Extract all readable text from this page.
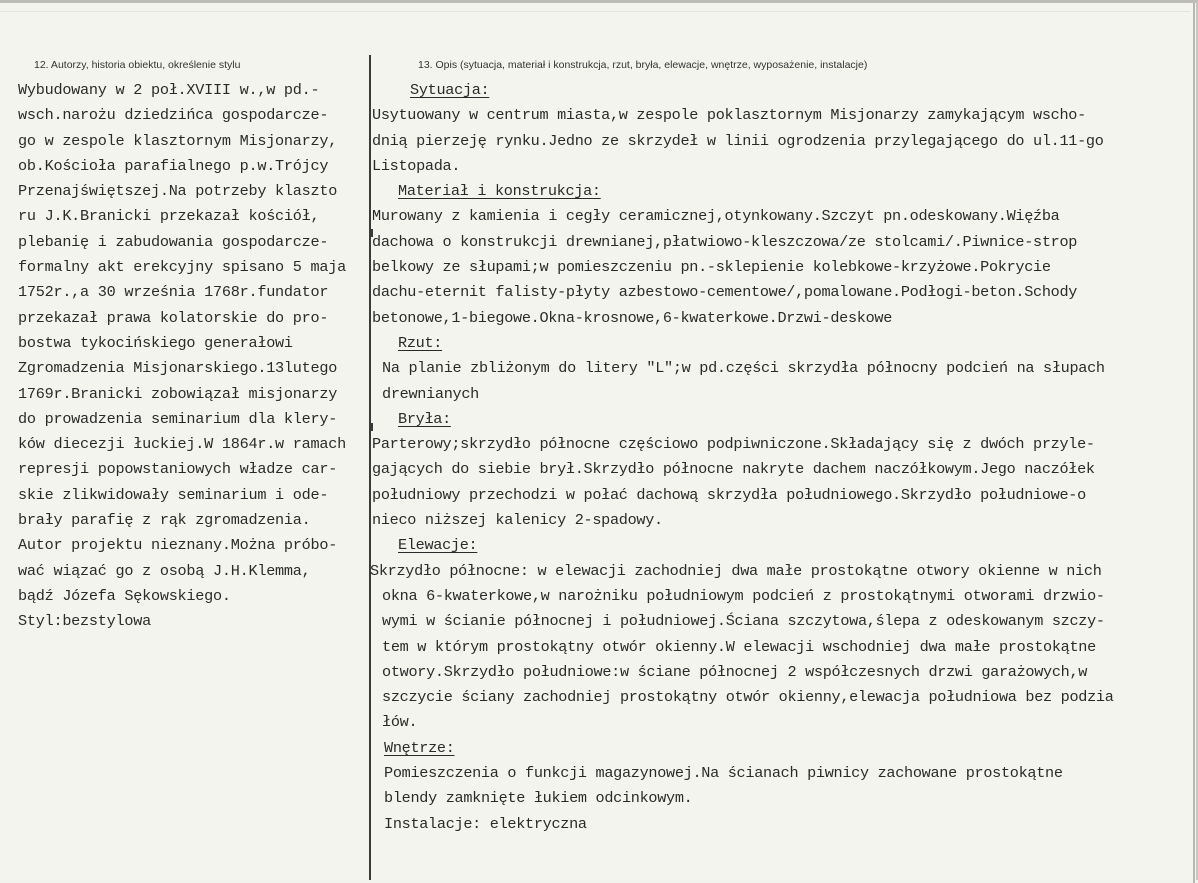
12. Autorzy, historia obiektu, określenie stylu	13. Opis (sytuacja, materiał i konstrukcja, rzut, bryła, elewacje, wnętrze, wyposażenie, instalacje)
Wybudowany w 2 poł.XVIII w.,w pd.-
wsch.narożu dziedzińca gospodarcze-
go w zespole klasztornym Misjonarzy,
ob.Kościoła parafialnego p.w.Trójcy
Przenajświętszej.Na potrzeby klaszto
ru J.K.Branicki przekazał kościół,
plebanię i zabudowania gospodarcze-
formalny akt erekcyjny spisano 5 maja
1752r.,a 30 września 1768r.fundator
przekazał prawa kolatorskie do pro-
bostwa tykocińskiego generałowi
Zgromadzenia Misjonarskiego.13lutego
1769r.Branicki zobowiązał misjonarzy
do prowadzenia seminarium dla klery-
ków diecezji łuckiej.W 1864r.w ramach
represji popowstaniowych władze car-
skie zlikwidowały seminarium i ode-
brały parafię z rąk zgromadzenia.
Autor projektu nieznany.Można próbo-
wać wiązać go z osobą J.H.Klemma,
bądź Józefa Sękowskiego.
Styl:bezstylowa
Sytuacja:
Usytuowany w centrum miasta,w zespole poklasztornym Misjonarzy zamykającym wscho-
dnią pierzeję rynku.Jedno ze skrzydeł w linii ogrodzenia przylegającego do ul.11-go
Listopada.
Materiał i konstrukcja:
Murowany z kamienia i cegły ceramicznej,otynkowany.Szczyt pn.odeskowany.Więźba
dachowa o konstrukcji drewnianej,płatwiowo-kleszczowa/ze stolcami/.Piwnice-strop
belkowy ze słupami;w pomieszczeniu pn.-sklepienie kolebkowe-krzyżowe.Pokrycie
dachu-eternit falisty-płyty azbestowo-cementowe/,pomalowane.Podłogi-beton.Schody
betonowe,1-biegowe.Okna-krosnowe,6-kwaterkowe.Drzwi-deskowe
Rzut:
Na planie zbliżonym do litery "L";w pd.części skrzydła północny podcień na słupach
drewnianych
Bryła:
Parterowy;skrzydło północne częściowo podpiwniczone.Składający się z dwóch przyle-
gających do siebie brył.Skrzydło północne nakryte dachem naczółkowym.Jego naczółek
południowy przechodzi w połać dachową skrzydła południowego.Skrzydło południowe-o
nieco niższej kalenicy 2-spadowy.
Elewacje:
Skrzydło północne: w elewacji zachodniej dwa małe prostokątne otwory okienne w nich
okna 6-kwaterkowe,w narożniku południowym podcień z prostokątnymi otworami drzwio-
wymi w ścianie północnej i południowej.Ściana szczytowa,ślepa z odeskowanym szczy-
tem w którym prostokątny otwór okienny.W elewacji wschodniej dwa małe prostokątne
otwory.Skrzydło południowe:w ściane północnej 2 współczesnych drzwi garażowych,w
szczycie ściany zachodniej prostokątny otwór okienny,elewacja południowa bez podzia
łów.
Wnętrze:
Pomieszczenia o funkcji magazynowej.Na ścianach piwnicy zachowane prostokątne
blendy zamknięte łukiem odcinkowym.
Instalacje: elektryczna
